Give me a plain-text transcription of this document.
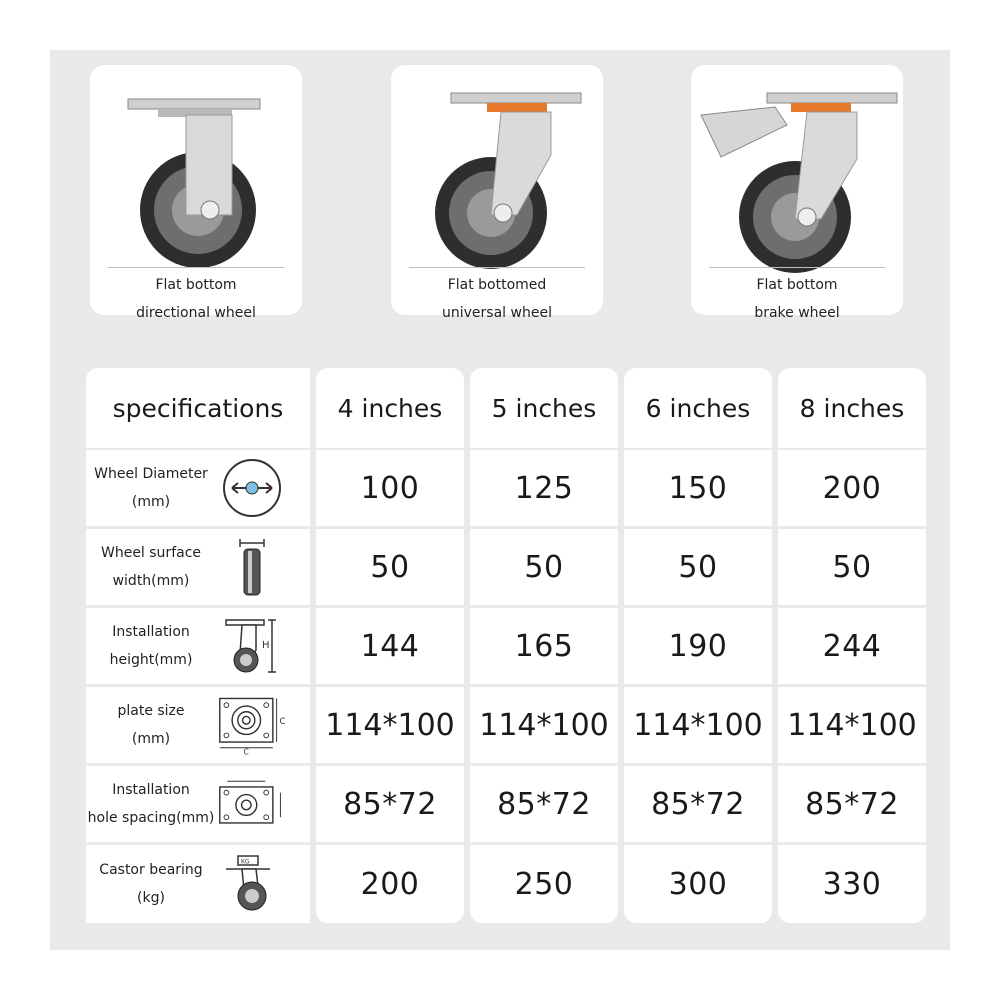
Flat bottom
directional wheel
Flat bottomed
universal wheel
Flat bottom
brake wheel
specifications 4 inches 5 inches 6 inches 8 inches
Wheel Diameter
(mm)	100	125	150	200
Wheel surface
width(mm)	50	50	50	50
Installation
height(mm)
H	144	165	190	244
plate size
(mm)
C
C
114*100 114*100 114*100 114*100
Installation
hole spacing(mm)	85*72 85*72 85*72 85*72
Castor bearing
(kg)
KG
200	250	300	330
